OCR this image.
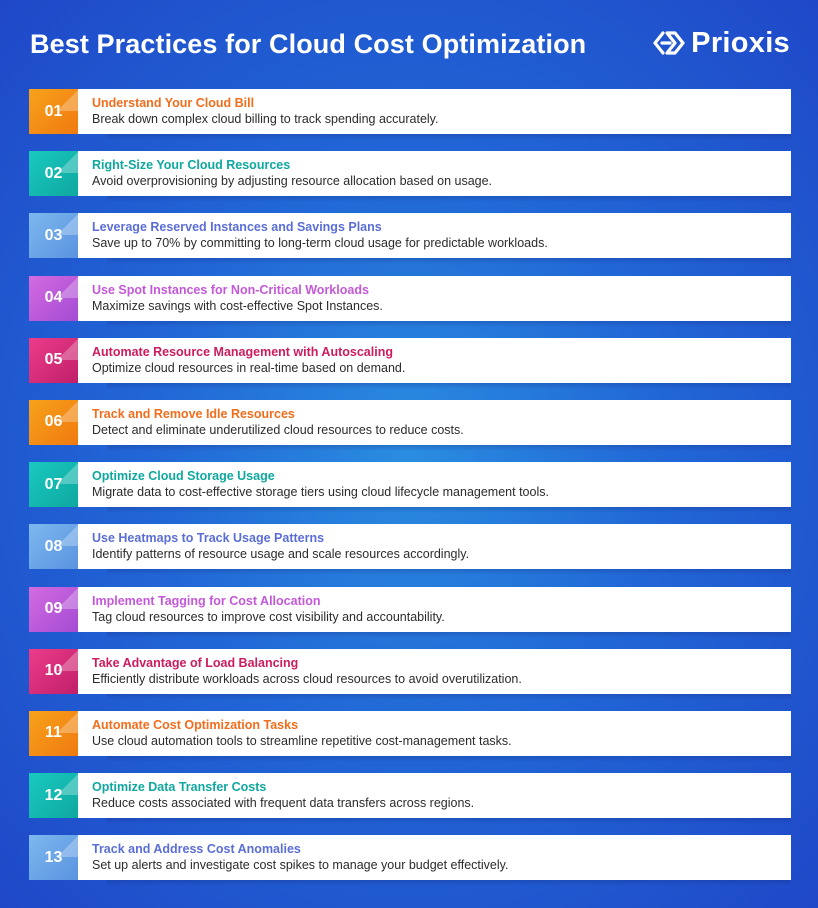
Best Practices for Cloud Cost Optimization	Prioxis
01 Understand Your Cloud Bill
Break down complex cloud billing to track spending accurately.
02 Right-Size Your Cloud Resources
Avoid overprovisioning by adjusting resource allocation based on usage.
03 Leverage Reserved Instances and Savings Plans
Save up to 70% by committing to long-term cloud usage for predictable workloads.
04 Use Spot Instances for Non-Critical Workloads
Maximize savings with cost-effective Spot Instances.
05 Automate Resource Management with Autoscaling
Optimize cloud resources in real-time based on demand.
06 Track and Remove Idle Resources
Detect and eliminate underutilized cloud resources to reduce costs.
07 Optimize Cloud Storage Usage
Migrate data to cost-effective storage tiers using cloud lifecycle management tools.
08 Use Heatmaps to Track Usage Patterns
Identify patterns of resource usage and scale resources accordingly.
09 Implement Tagging for Cost Allocation
Tag cloud resources to improve cost visibility and accountability.
10 Take Advantage of Load Balancing
Efficiently distribute workloads across cloud resources to avoid overutilization.
11 Automate Cost Optimization Tasks
Use cloud automation tools to streamline repetitive cost-management tasks.
12 Optimize Data Transfer Costs
Reduce costs associated with frequent data transfers across regions.
13 Track and Address Cost Anomalies
Set up alerts and investigate cost spikes to manage your budget effectively.
